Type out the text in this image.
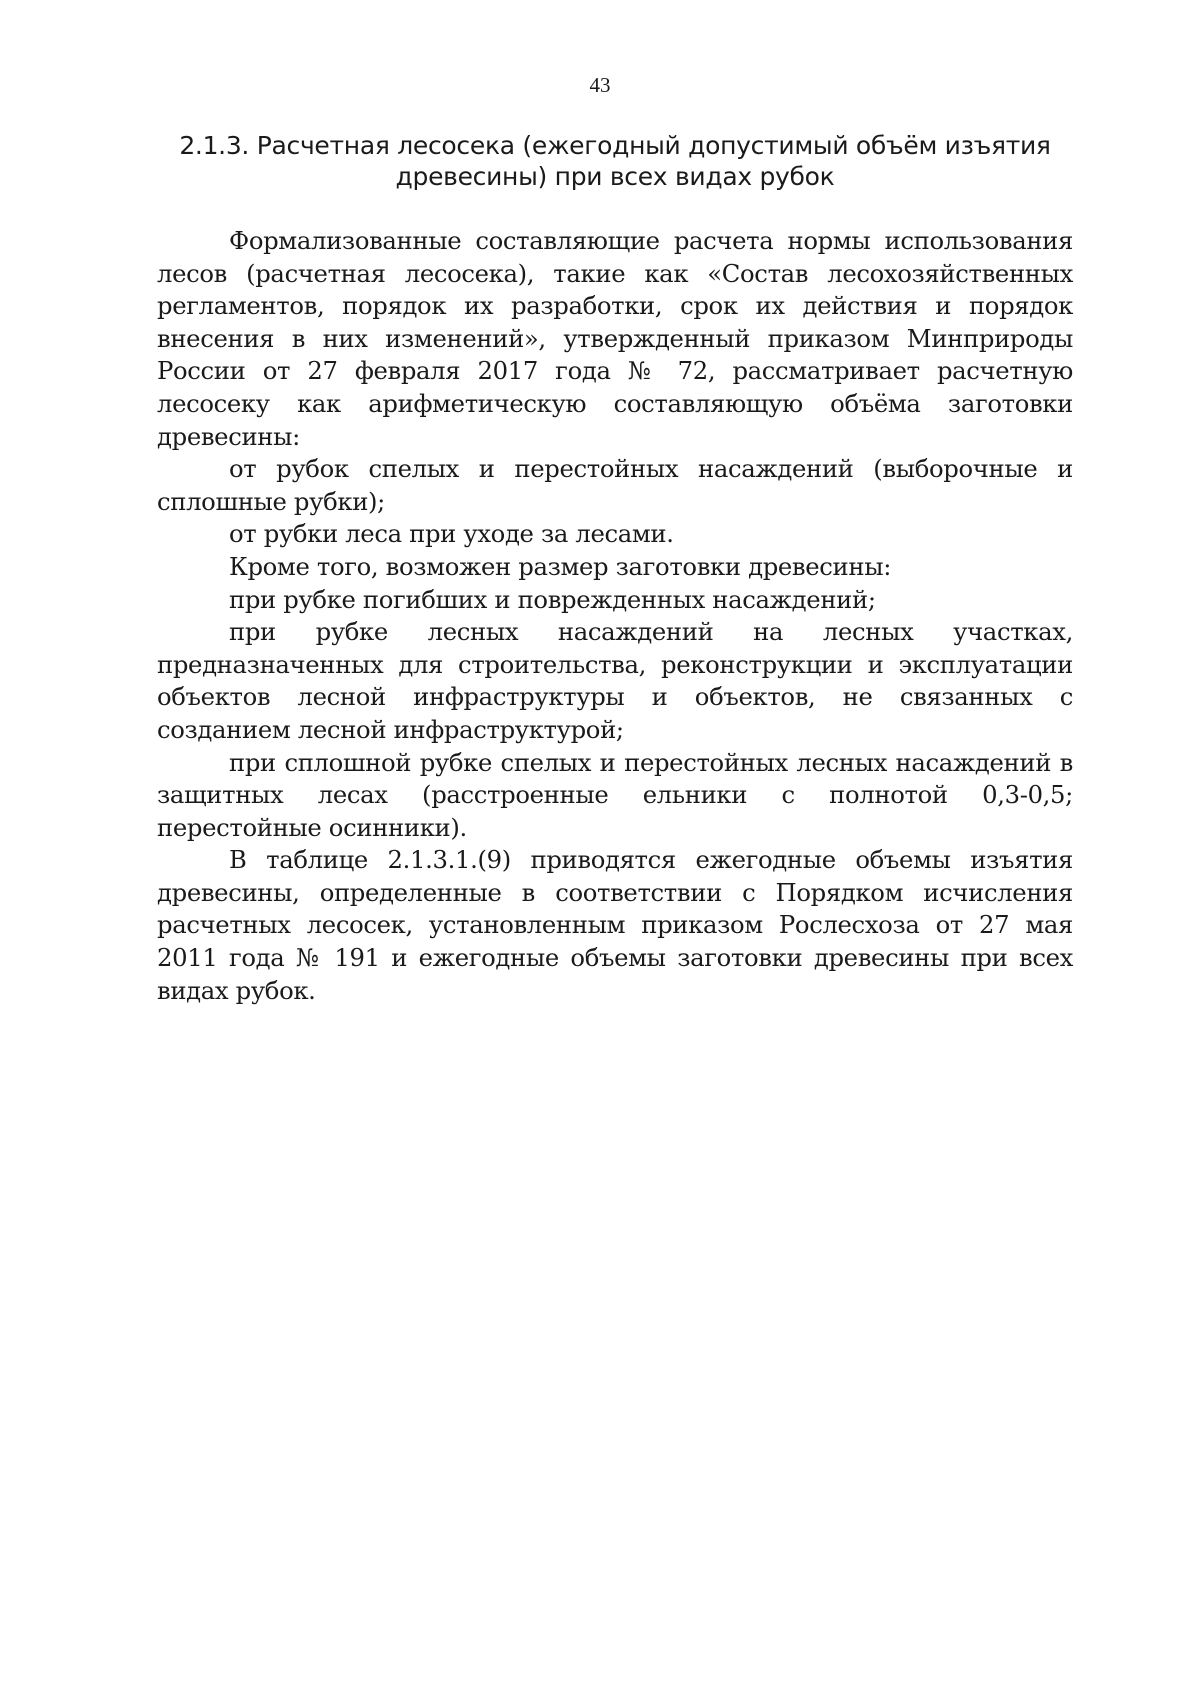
43
2.1.3. Расчетная лесосека (ежегодный допустимый объём изъятия
древесины) при всех видах рубок

Формализованные составляющие расчета нормы использования лесов (расчетная лесосека), такие как «Состав лесохозяйственных регламентов, порядок их разработки, срок их действия и порядок внесения в них изменений», утвержденный приказом Минприроды России от 27 февраля 2017 года № 72, рассматривает расчетную лесосеку как арифметическую составляющую объёма заготовки древесины:

от рубок спелых и перестойных насаждений (выборочные и сплошные рубки);

от рубки леса при уходе за лесами.

Кроме того, возможен размер заготовки древесины:

при рубке погибших и поврежденных насаждений;

при рубке лесных насаждений на лесных участках, предназначенных для строительства, реконструкции и эксплуатации объектов лесной инфраструктуры и объектов, не связанных с созданием лесной инфраструктурой;

при сплошной рубке спелых и перестойных лесных насаждений в защитных лесах (расстроенные ельники с полнотой 0,3-0,5; перестойные осинники).

В таблице 2.1.3.1.(9) приводятся ежегодные объемы изъятия древесины, определенные в соответствии с Порядком исчисления расчетных лесосек, установленным приказом Рослесхоза от 27 мая 2011 года № 191 и ежегодные объемы заготовки древесины при всех видах рубок.
